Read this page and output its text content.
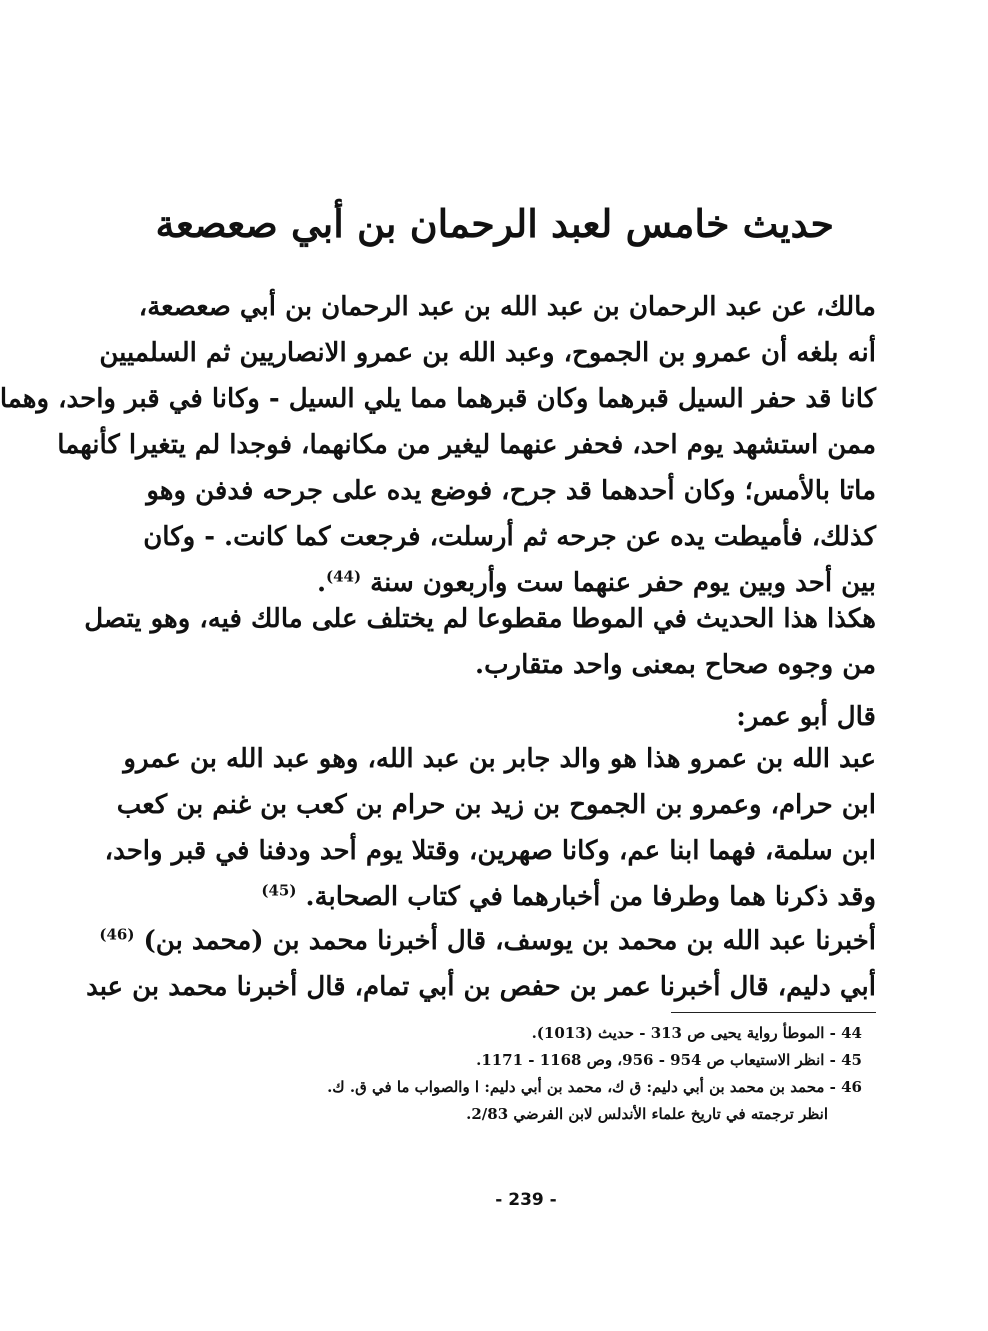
حديث خامس لعبد الرحمان بن أبي صعصعة
مالك، عن عبد الرحمان بن عبد الله بن عبد الرحمان بن أبي صعصعة،
أنه بلغه أن عمرو بن الجموح، وعبد الله بن عمرو الانصاريين ثم السلميين
كانا قد حفر السيل قبرهما وكان قبرهما مما يلي السيل - وكانا في قبر واحد، وهما
ممن استشهد يوم احد، فحفر عنهما ليغير من مكانهما، فوجدا لم يتغيرا كأنهما
ماتا بالأمس؛ وكان أحدهما قد جرح، فوضع يده على جرحه فدفن وهو
كذلك، فأميطت يده عن جرحه ثم أرسلت، فرجعت كما كانت. - وكان
بين أحد وبين يوم حفر عنهما ست وأربعون سنة $^{(44)}$.
هكذا هذا الحديث في الموطا مقطوعا لم يختلف على مالك فيه، وهو يتصل
من وجوه صحاح بمعنى واحد متقارب.
قال أبو عمر:
عبد الله بن عمرو هذا هو والد جابر بن عبد الله، وهو عبد الله بن عمرو
ابن حرام، وعمرو بن الجموح بن زيد بن حرام بن كعب بن غنم بن كعب
ابن سلمة، فهما ابنا عم، وكانا صهرين، وقتلا يوم أحد ودفنا في قبر واحد،
وقد ذكرنا هما وطرفا من أخبارهما في كتاب الصحابة. $^{(45)}$
أخبرنا عبد الله بن محمد بن يوسف، قال أخبرنا محمد بن (محمد بن) $^{(46)}$
أبي دليم، قال أخبرنا عمر بن حفص بن أبي تمام، قال أخبرنا محمد بن عبد
44 - الموطأ رواية يحيى ص 313 - حديث (1013).
45 - انظر الاستيعاب ص 954 - 956، وص 1168 - 1171.
46 - محمد بن محمد بن أبي دليم: ق ك، محمد بن أبي دليم: ا والصواب ما في ق. ك.
انظر ترجمته في تاريخ علماء الأندلس لابن الفرضي 2/83.
- 239 -
